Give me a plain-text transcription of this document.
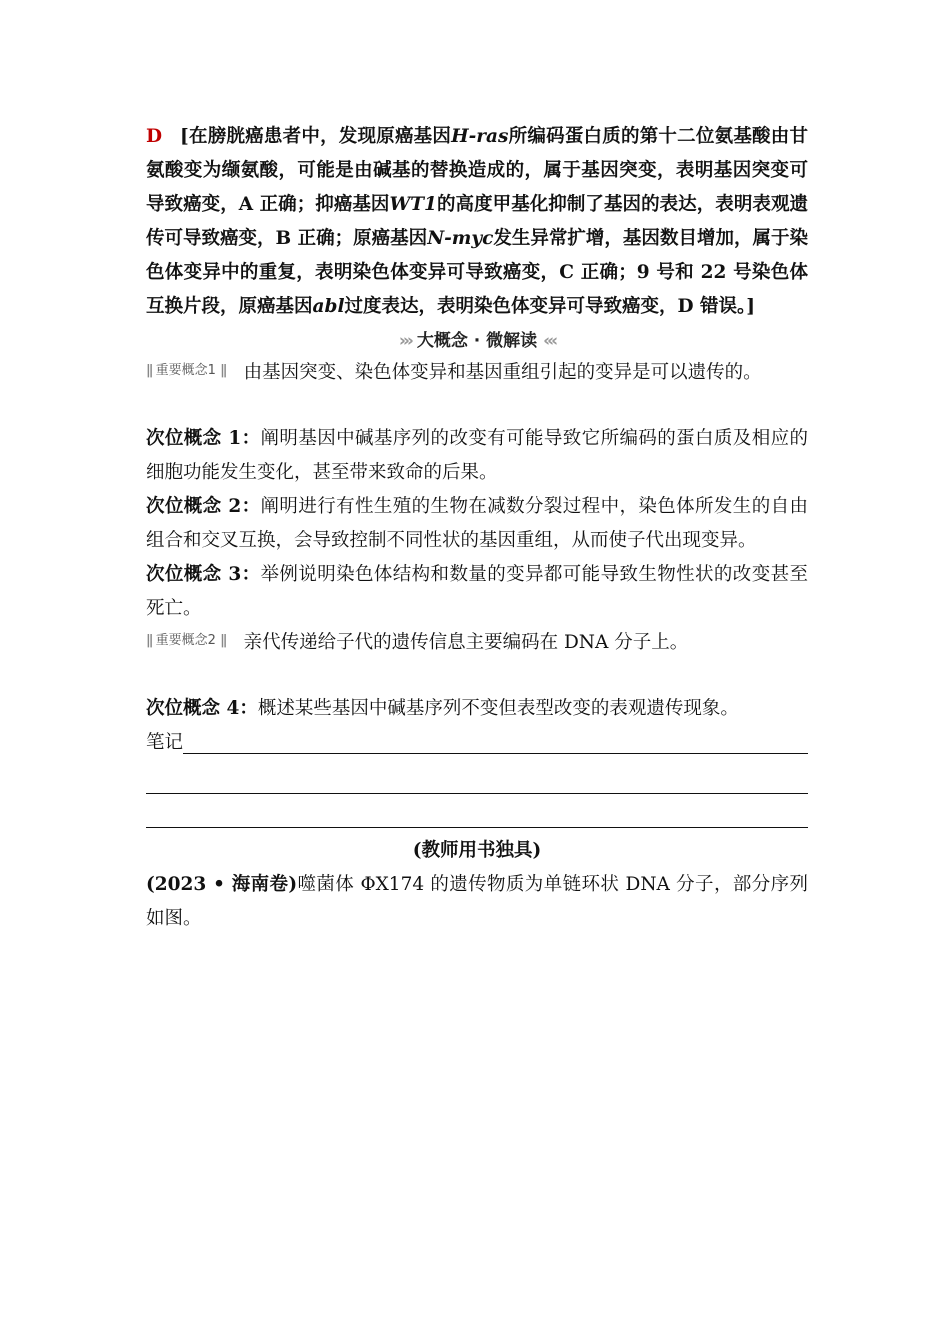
D [在膀胱癌患者中，发现原癌基因H-ras所编码蛋白质的第十二位氨基酸由甘氨酸变为缬氨酸，可能是由碱基的替换造成的，属于基因突变，表明基因突变可导致癌变，A 正确；抑癌基因WT1的高度甲基化抑制了基因的表达，表明表观遗传可导致癌变，B 正确；原癌基因N-myc发生异常扩增，基因数目增加，属于染色体变异中的重复，表明染色体变异可导致癌变，C 正确；9 号和 22 号染色体互换片段，原癌基因abl过度表达，表明染色体变异可导致癌变，D 错误。]

››› 大概念 · 微解读 ‹‹‹
|| 重要概念1 || 由基因突变、染色体变异和基因重组引起的变异是可以遗传的。

次位概念 1：阐明基因中碱基序列的改变有可能导致它所编码的蛋白质及相应的细胞功能发生变化，甚至带来致命的后果。

次位概念 2：阐明进行有性生殖的生物在减数分裂过程中，染色体所发生的自由组合和交叉互换，会导致控制不同性状的基因重组，从而使子代出现变异。

次位概念 3：举例说明染色体结构和数量的变异都可能导致生物性状的改变甚至死亡。

|| 重要概念2 || 亲代传递给子代的遗传信息主要编码在 DNA 分子上。

次位概念 4：概述某些基因中碱基序列不变但表型改变的表观遗传现象。

笔记

(教师用书独具)

(2023 • 海南卷)噬菌体 ΦX174 的遗传物质为单链环状 DNA 分子，部分序列如图。
